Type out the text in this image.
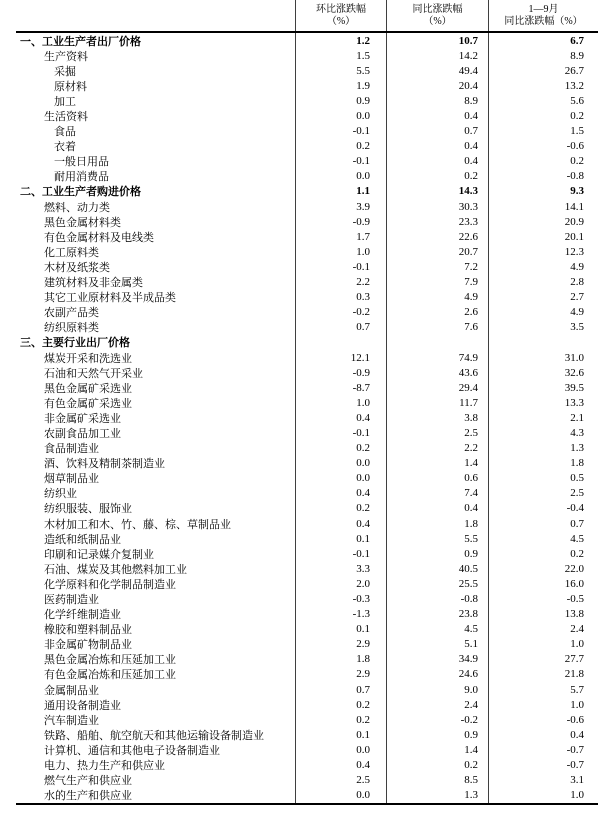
环比涨跌幅
（%）
同比涨跌幅
（%）
1—9月
同比涨跌幅（%）
一、工业生产者出厂价格	1.2	10.7	6.7
生产资料	1.5	14.2	8.9
采掘	5.5	49.4	26.7
原材料	1.9	20.4	13.2
加工	0.9	8.9	5.6
生活资料	0.0	0.4	0.2
食品	-0.1	0.7	1.5
衣着	0.2	0.4	-0.6
一般日用品	-0.1	0.4	0.2
耐用消费品	0.0	0.2	-0.8
二、工业生产者购进价格	1.1	14.3	9.3
燃料、动力类	3.9	30.3	14.1
黑色金属材料类	-0.9	23.3	20.9
有色金属材料及电线类	1.7	22.6	20.1
化工原料类	1.0	20.7	12.3
木材及纸浆类	-0.1	7.2	4.9
建筑材料及非金属类	2.2	7.9	2.8
其它工业原材料及半成品类	0.3	4.9	2.7
农副产品类	-0.2	2.6	4.9
纺织原料类	0.7	7.6	3.5
三、主要行业出厂价格
煤炭开采和洗选业	12.1	74.9	31.0
石油和天然气开采业	-0.9	43.6	32.6
黑色金属矿采选业	-8.7	29.4	39.5
有色金属矿采选业	1.0	11.7	13.3
非金属矿采选业	0.4	3.8	2.1
农副食品加工业	-0.1	2.5	4.3
食品制造业	0.2	2.2	1.3
酒、饮料及精制茶制造业	0.0	1.4	1.8
烟草制品业	0.0	0.6	0.5
纺织业	0.4	7.4	2.5
纺织服装、服饰业	0.2	0.4	-0.4
木材加工和木、竹、藤、棕、草制品业	0.4	1.8	0.7
造纸和纸制品业	0.1	5.5	4.5
印刷和记录媒介复制业	-0.1	0.9	0.2
石油、煤炭及其他燃料加工业	3.3	40.5	22.0
化学原料和化学制品制造业	2.0	25.5	16.0
医药制造业	-0.3	-0.8	-0.5
化学纤维制造业	-1.3	23.8	13.8
橡胶和塑料制品业	0.1	4.5	2.4
非金属矿物制品业	2.9	5.1	1.0
黑色金属冶炼和压延加工业	1.8	34.9	27.7
有色金属冶炼和压延加工业	2.9	24.6	21.8
金属制品业	0.7	9.0	5.7
通用设备制造业	0.2	2.4	1.0
汽车制造业	0.2	-0.2	-0.6
铁路、船舶、航空航天和其他运输设备制造业	0.1	0.9	0.4
计算机、通信和其他电子设备制造业	0.0	1.4	-0.7
电力、热力生产和供应业	0.4	0.2	-0.7
燃气生产和供应业	2.5	8.5	3.1
水的生产和供应业	0.0	1.3	1.0
